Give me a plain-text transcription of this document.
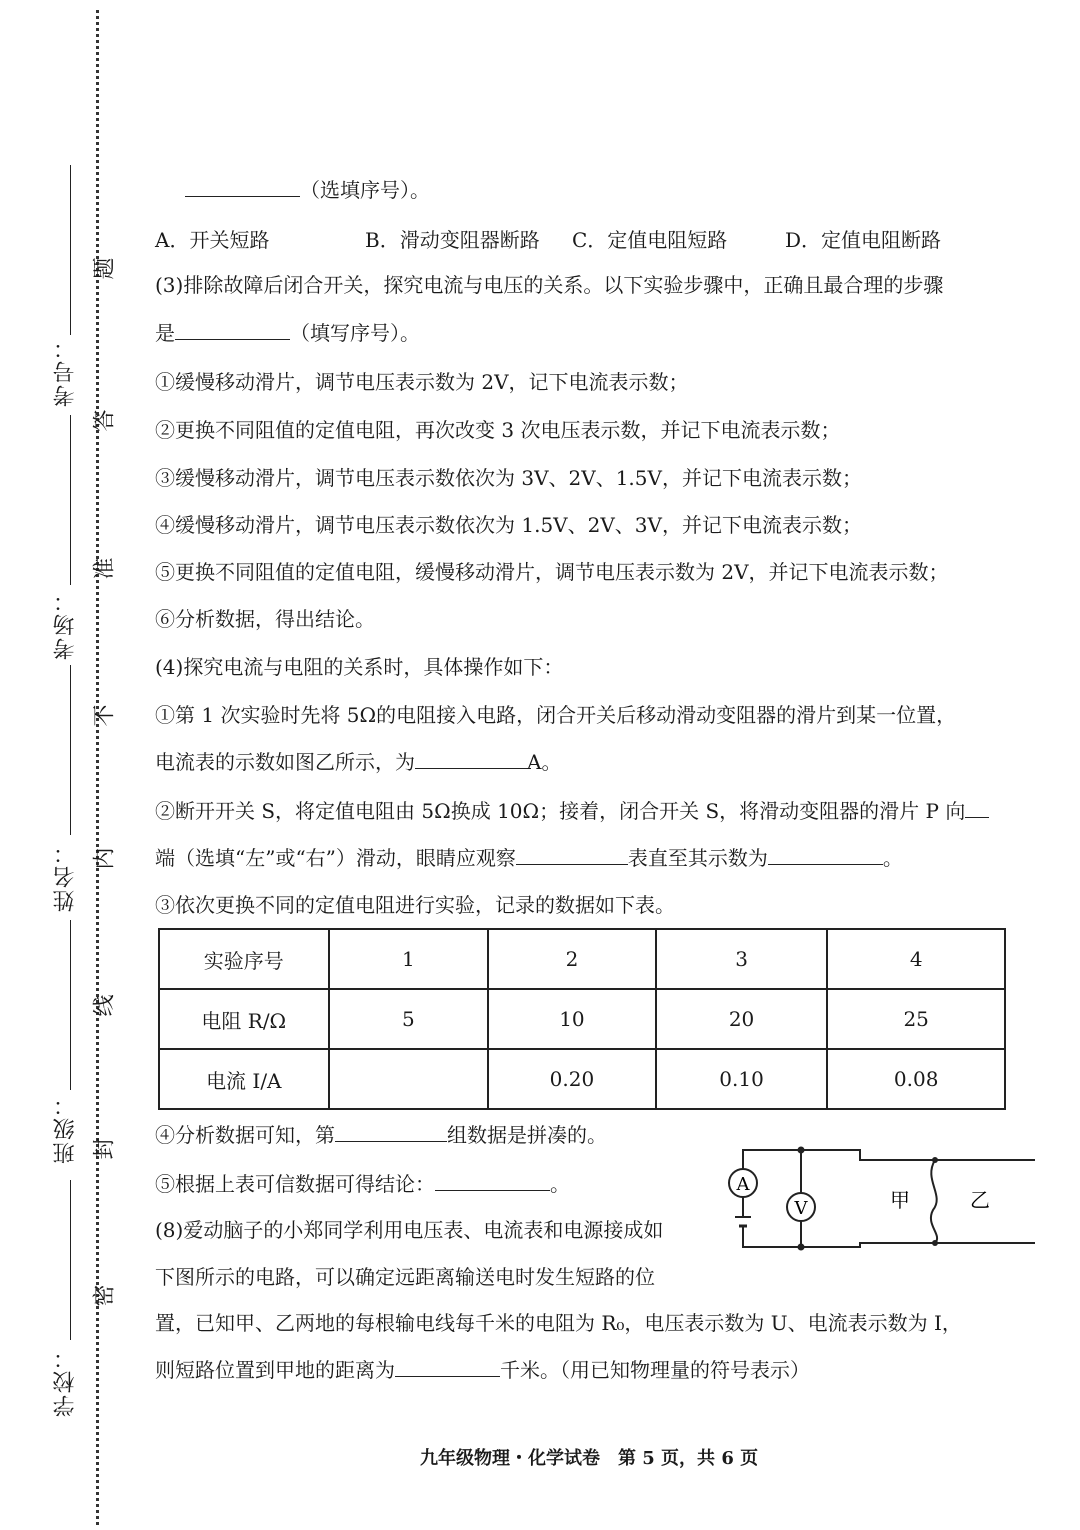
考号：
考场：
姓名：
班级：
学校：
题
答
准
不
内
线
封
密
（选填序号）。
A．开关短路	B．滑动变阻器断路 C．定值电阻短路	D．定值电阻断路
(3)排除故障后闭合开关，探究电流与电压的关系。以下实验步骤中，正确且最合理的步骤
是	（填写序号）。
①缓慢移动滑片，调节电压表示数为 2V，记下电流表示数；
②更换不同阻值的定值电阻，再次改变 3 次电压表示数，并记下电流表示数；
③缓慢移动滑片，调节电压表示数依次为 3V、2V、1.5V，并记下电流表示数；
④缓慢移动滑片，调节电压表示数依次为 1.5V、2V、3V，并记下电流表示数；
⑤更换不同阻值的定值电阻，缓慢移动滑片，调节电压表示数为 2V，并记下电流表示数；
⑥分析数据，得出结论。
(4)探究电流与电阻的关系时，具体操作如下：
①第 1 次实验时先将 5Ω的电阻接入电路，闭合开关后移动滑动变阻器的滑片到某一位置，
电流表的示数如图乙所示，为	A。
②断开开关 S，将定值电阻由 5Ω换成 10Ω；接着，闭合开关 S，将滑动变阻器的滑片 P 向
端（选填“左”或“右”）滑动，眼睛应观察	表直至其示数为	。
③依次更换不同的定值电阻进行实验，记录的数据如下表。
实验序号	1	2	3	4
电阻 R/Ω	5	10	20	25
电流 I/A		0.20	0.10	0.08
④分析数据可知，第	组数据是拼凑的。
⑤根据上表可信数据可得结论：	。	A
V	甲	乙
(8)爱动脑子的小郑同学利用电压表、电流表和电源接成如
下图所示的电路，可以确定远距离输送电时发生短路的位
置，已知甲、乙两地的每根输电线每千米的电阻为 R₀，电压表示数为 U、电流表示数为 I，
则短路位置到甲地的距离为	千米。（用已知物理量的符号表示）
九年级物理・化学试卷　第 5 页，共 6 页
